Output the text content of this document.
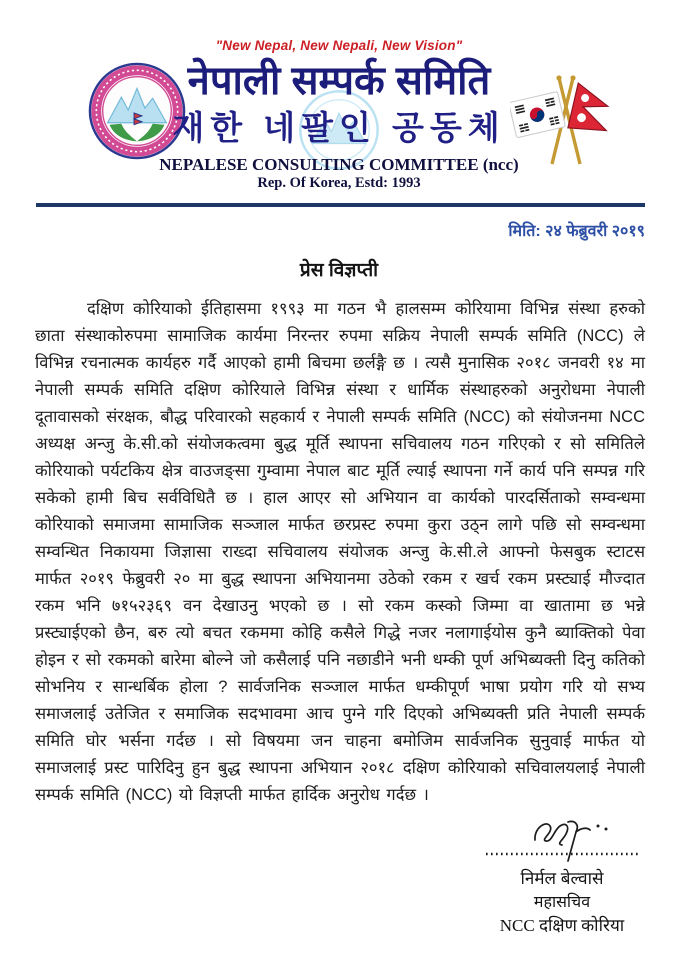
"New Nepal, New Nepali, New Vision"
नेपाली सम्पर्क समिति
재한 네팔인 공동체
NEPALESE CONSULTING COMMITTEE (ncc)
Rep. Of Korea, Estd: 1993
मिति: २४ फेब्रुवरी २०१९
प्रेस विज्ञप्ती

दक्षिण कोरियाको ईतिहासमा १९९३ मा गठन भै हालसम्म कोरियामा विभिन्न संस्था हरुको छाता संस्थाकोरुपमा सामाजिक कार्यमा निरन्तर रुपमा सक्रिय नेपाली सम्पर्क समिति (NCC) ले विभिन्न रचनात्मक कार्यहरु गर्दै आएको हामी बिचमा छर्लङ्गै छ । त्यसै मुनासिक २०१८ जनवरी १४ मा नेपाली सम्पर्क समिति दक्षिण कोरियाले विभिन्न संस्था र धार्मिक संस्थाहरुको अनुरोधमा नेपाली दूतावासको संरक्षक, बौद्ध परिवारको सहकार्य र नेपाली सम्पर्क समिति (NCC) को संयोजनमा NCC अध्यक्ष अन्जु के.सी.को संयोजकत्वमा बुद्ध मूर्ति स्थापना सचिवालय गठन गरिएको र सो समितिले कोरियाको पर्यटकिय क्षेत्र वाउजङ्सा गुम्वामा नेपाल बाट मूर्ति ल्याई स्थापना गर्ने कार्य पनि सम्पन्न गरि सकेको हामी बिच सर्वविधितै छ । हाल आएर सो अभियान वा कार्यको पारदर्सिताको सम्वन्धमा कोरियाको समाजमा सामाजिक सञ्जाल मार्फत छरप्रस्ट रुपमा कुरा उठ्न लागे पछि सो सम्वन्धमा सम्वन्धित निकायमा जिज्ञासा राख्दा सचिवालय संयोजक अन्जु के.सी.ले आफ्नो फेसबुक स्टाटस मार्फत २०१९ फेब्रुवरी २० मा बुद्ध स्थापना अभियानमा उठेको रकम र खर्च रकम प्रस्ट्याई मौज्दात रकम भनि ७१५२३६९ वन देखाउनु भएको छ । सो रकम कस्को जिम्मा वा खातामा छ भन्ने प्रस्ट्याईएको छैन, बरु त्यो बचत रकममा कोहि कसैले गिद्धे नजर नलागाईयोस कुनै ब्याक्तिको पेवा होइन र सो रकमको बारेमा बोल्ने जो कसैलाई पनि नछाडीने भनी धम्की पूर्ण अभिब्यक्ती दिनु कतिको सोभनिय र सान्धर्बिक होला ? सार्वजनिक सञ्जाल मार्फत धम्कीपूर्ण भाषा प्रयोग गरि यो सभ्य समाजलाई उतेजित र समाजिक सदभावमा आच पुग्ने गरि दिएको अभिब्यक्ती प्रति नेपाली सम्पर्क समिति घोर भर्सना गर्दछ । सो विषयमा जन चाहना बमोजिम सार्वजनिक सुनुवाई मार्फत यो समाजलाई प्रस्ट पारिदिनु हुन बुद्ध स्थापना अभियान २०१८ दक्षिण कोरियाको सचिवालयलाई नेपाली सम्पर्क समिति (NCC) यो विज्ञप्ती मार्फत हार्दिक अनुरोध गर्दछ ।

निर्मल बेल्वासे
महासचिव
NCC दक्षिण कोरिया
